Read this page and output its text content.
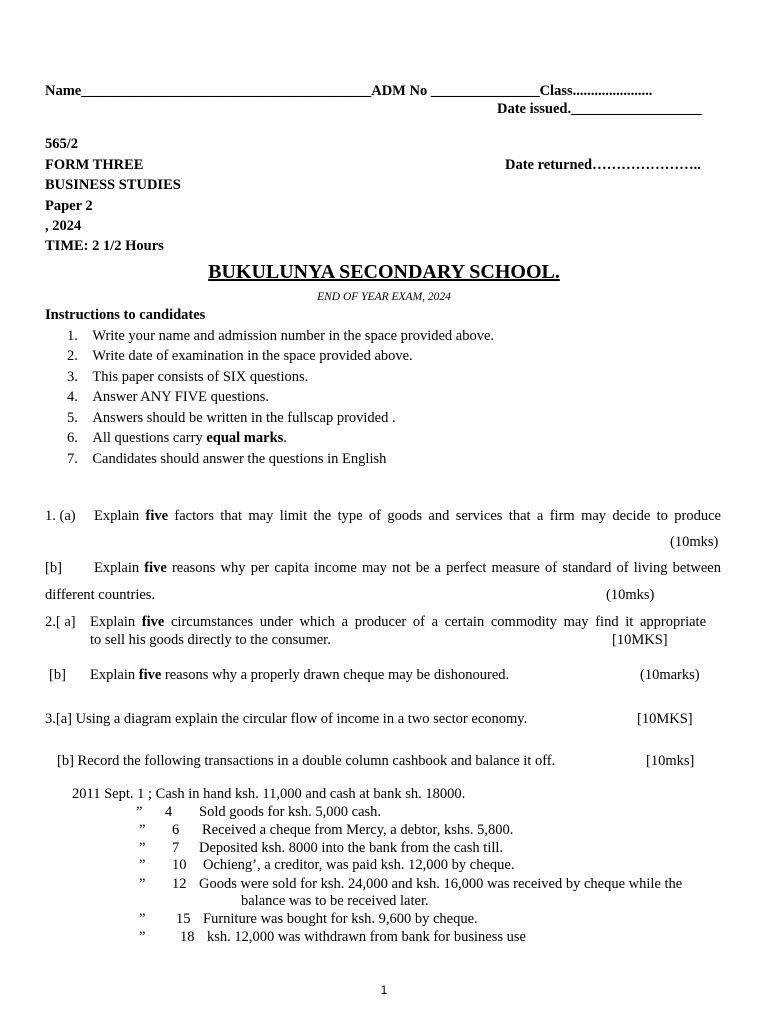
Name________________________________________ADM No _______________Class......................
Date issued.__________________
565/2
FORM THREE	Date returned…………………..
BUSINESS STUDIES
Paper 2
, 2024
TIME: 2 1/2 Hours
BUKULUNYA SECONDARY SCHOOL.
END OF YEAR EXAM, 2024
Instructions to candidates
1.    Write your name and admission number in the space provided above.
2.    Write date of examination in the space provided above.
3.    This paper consists of SIX questions.
4.    Answer ANY FIVE questions.
5.    Answers should be written in the fullscap provided .
6.    All questions carry equal marks.
7.    Candidates should answer the questions in English
1. (a) Explain five factors that may limit the type of goods and services that a firm may decide to produce
(10mks)
[b] Explain five reasons why per capita income may not be a perfect measure of standard of living between
different countries.	(10mks)
2.[ a] Explain five circumstances under which a producer of a certain commodity may find it appropriate
to sell his goods directly to the consumer.	[10MKS]
[b] Explain five reasons why a properly drawn cheque may be dishonoured.	(10marks)
3.[a] Using a diagram explain the circular flow of income in a two sector economy.	[10MKS]
[b] Record the following transactions in a double column cashbook and balance it off.	[10mks]
2011 Sept. 1 ; Cash in hand ksh. 11,000 and cash at bank sh. 18000.
” 4 Sold goods for ksh. 5,000 cash.
” 6 Received a cheque from Mercy, a debtor, kshs. 5,800.
” 7 Deposited ksh. 8000 into the bank from the cash till.
” 10 Ochieng’, a creditor, was paid ksh. 12,000 by cheque.
” 12 Goods were sold for ksh. 24,000 and ksh. 16,000 was received by cheque while the
balance was to be received later.
” 15 Furniture was bought for ksh. 9,600 by cheque.
” 18 ksh. 12,000 was withdrawn from bank for business use
1
